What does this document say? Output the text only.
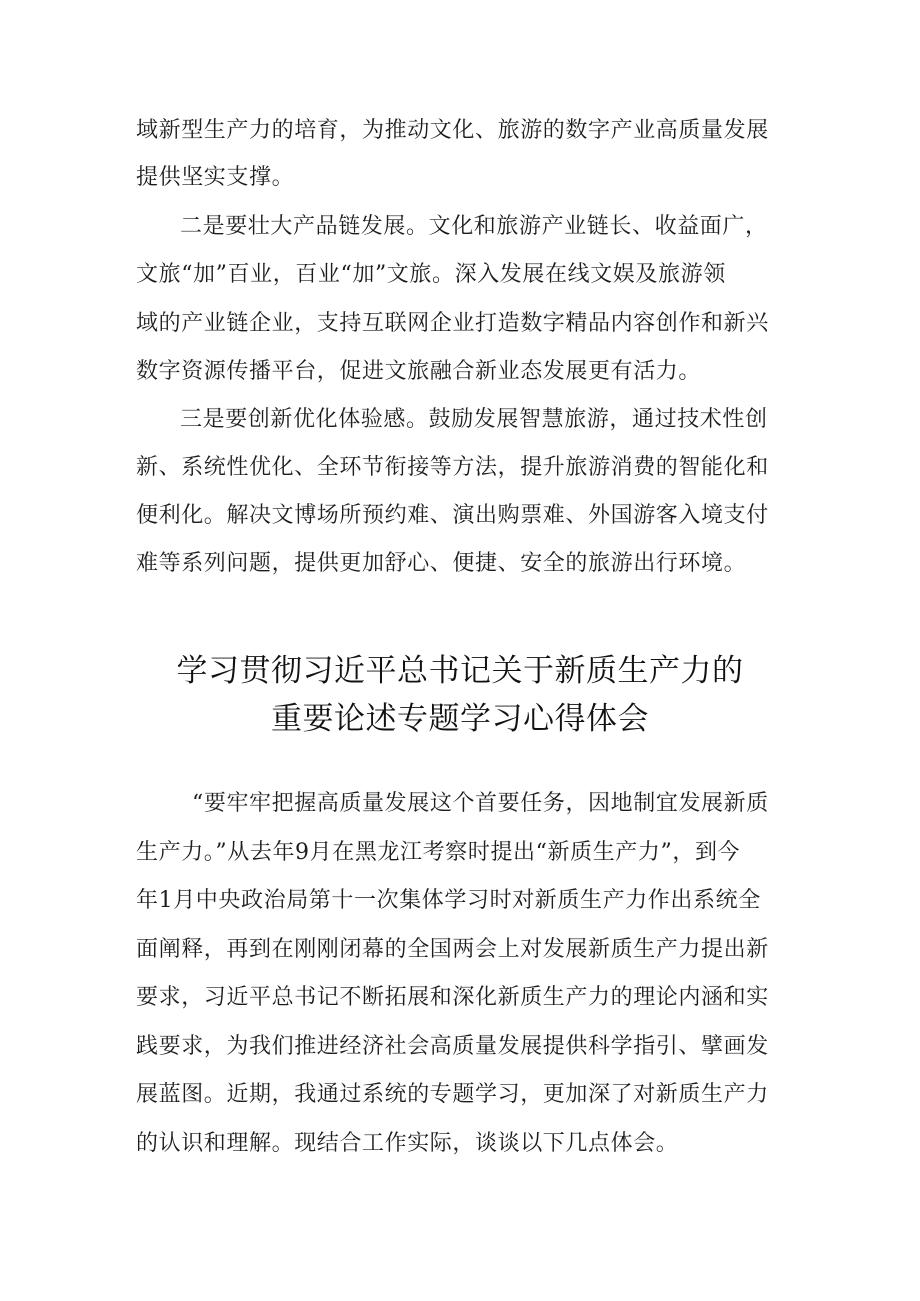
域新型生产力的培育，为推动文化、旅游的数字产业高质量发展
提供坚实支撑。
二是要壮大产品链发展。文化和旅游产业链长、收益面广，
文旅“加”百业，百业“加”文旅。深入发展在线文娱及旅游领
域的产业链企业，支持互联网企业打造数字精品内容创作和新兴
数字资源传播平台，促进文旅融合新业态发展更有活力。
三是要创新优化体验感。鼓励发展智慧旅游，通过技术性创
新、系统性优化、全环节衔接等方法，提升旅游消费的智能化和
便利化。解决文博场所预约难、演出购票难、外国游客入境支付
难等系列问题，提供更加舒心、便捷、安全的旅游出行环境。
学习贯彻习近平总书记关于新质生产力的
重要论述专题学习心得体会
“要牢牢把握高质量发展这个首要任务，因地制宜发展新质
生产力。”从去年9月在黑龙江考察时提出“新质生产力”，到今
年1月中央政治局第十一次集体学习时对新质生产力作出系统全
面阐释，再到在刚刚闭幕的全国两会上对发展新质生产力提出新
要求，习近平总书记不断拓展和深化新质生产力的理论内涵和实
践要求，为我们推进经济社会高质量发展提供科学指引、擘画发
展蓝图。近期，我通过系统的专题学习，更加深了对新质生产力
的认识和理解。现结合工作实际，谈谈以下几点体会。
